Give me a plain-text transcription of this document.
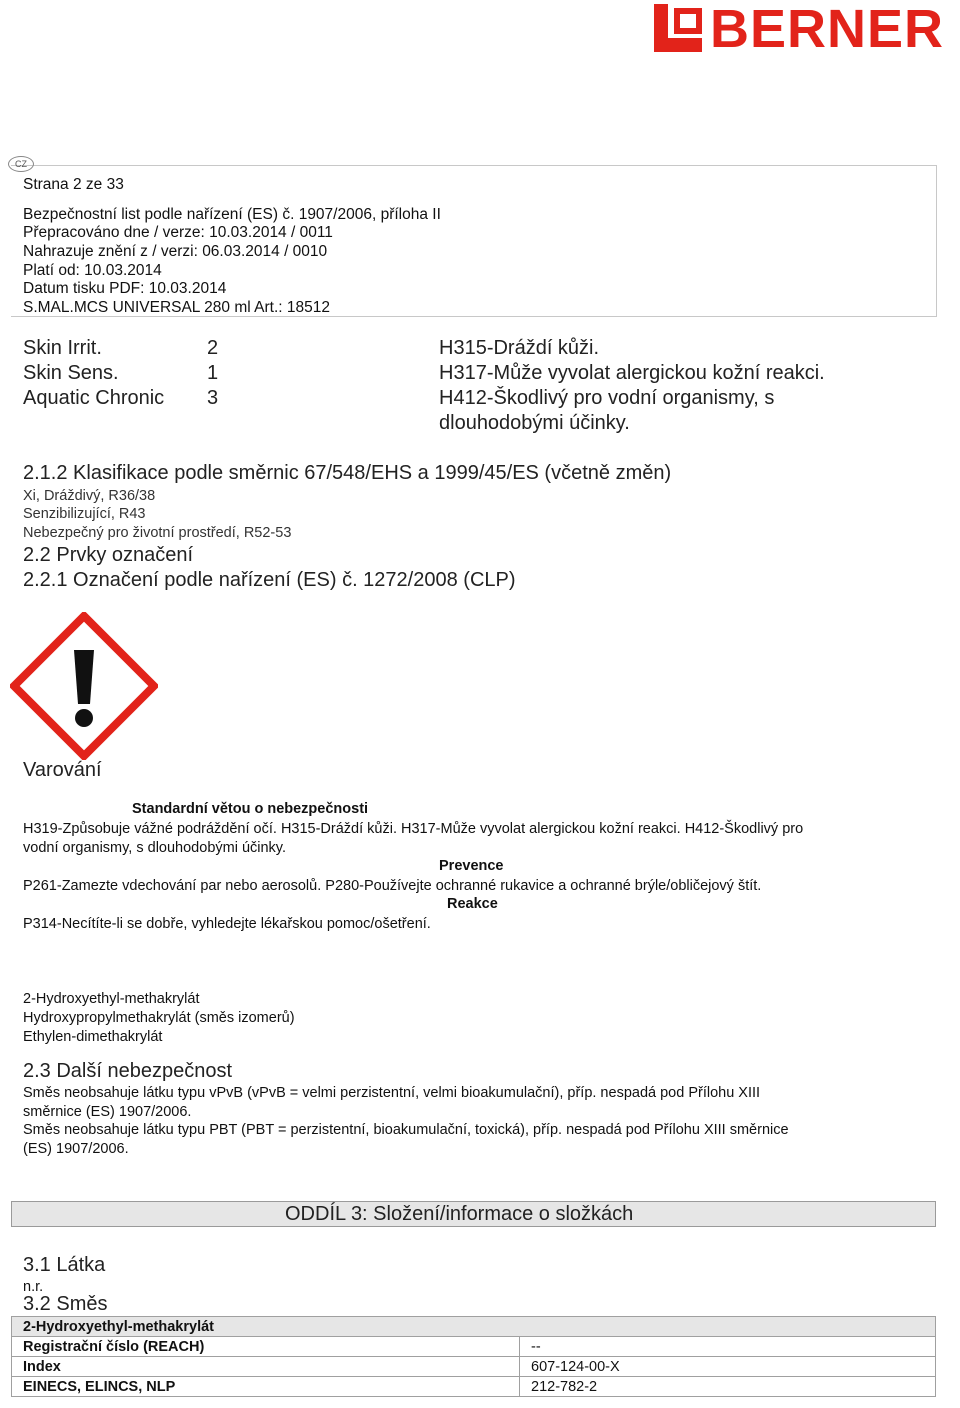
BERNER
CZ
Strana 2 ze 33
Bezpečnostní list podle nařízení (ES) č. 1907/2006, příloha II
Přepracováno dne / verze: 10.03.2014 / 0011
Nahrazuje znění z / verzi: 06.03.2014 / 0010
Platí od: 10.03.2014
Datum tisku PDF: 10.03.2014
S.MAL.MCS UNIVERSAL 280 ml Art.: 18512
Skin Irrit.	2	H315-Dráždí kůži.
Skin Sens.	1	H317-Může vyvolat alergickou kožní reakci.
Aquatic Chronic 3	H412-Škodlivý pro vodní organismy, s
dlouhodobými účinky.
2.1.2 Klasifikace podle směrnic 67/548/EHS a 1999/45/ES (včetně změn)
Xi, Dráždivý, R36/38
Senzibilizující, R43
Nebezpečný pro životní prostředí, R52-53
2.2 Prvky označení
2.2.1 Označení podle nařízení (ES) č. 1272/2008 (CLP)
Varování
Standardní větou o nebezpečnosti
H319-Způsobuje vážné podráždění očí. H315-Dráždí kůži. H317-Může vyvolat alergickou kožní reakci. H412-Škodlivý pro
vodní organismy, s dlouhodobými účinky.
Prevence
P261-Zamezte vdechování par nebo aerosolů. P280-Používejte ochranné rukavice a ochranné brýle/obličejový štít.
Reakce
P314-Necítíte-li se dobře, vyhledejte lékařskou pomoc/ošetření.
2-Hydroxyethyl-methakrylát
Hydroxypropylmethakrylát (směs izomerů)
Ethylen-dimethakrylát
2.3 Další nebezpečnost
Směs neobsahuje látku typu vPvB (vPvB = velmi perzistentní, velmi bioakumulační), příp. nespadá pod Přílohu XIII
směrnice (ES) 1907/2006.
Směs neobsahuje látku typu PBT (PBT = perzistentní, bioakumulační, toxická), příp. nespadá pod Přílohu XIII směrnice
(ES) 1907/2006.
ODDÍL 3: Složení/informace o složkách
3.1 Látka
n.r.
3.2 Směs
2-Hydroxyethyl-methakrylát	
Registrační číslo (REACH)	--
Index	607-124-00-X
EINECS, ELINCS, NLP	212-782-2
